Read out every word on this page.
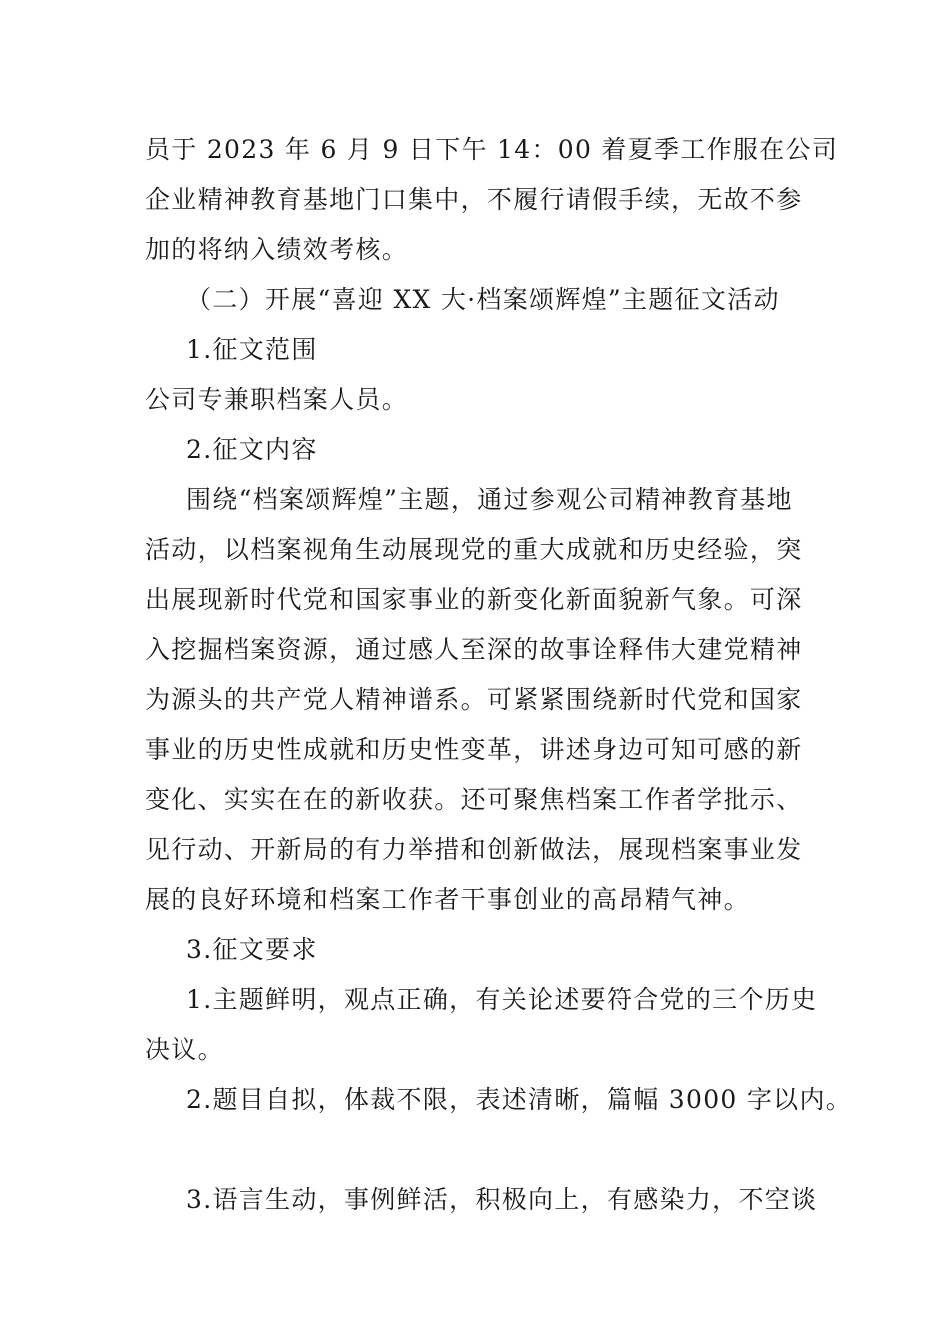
员于 2023 年 6 月 9 日下午 14：00 着夏季工作服在公司
企业精神教育基地门口集中，不履行请假手续，无故不参
加的将纳入绩效考核。
（二）开展“喜迎 XX 大·档案颂辉煌”主题征文活动
1.征文范围
公司专兼职档案人员。
2.征文内容
围绕“档案颂辉煌”主题，通过参观公司精神教育基地
活动，以档案视角生动展现党的重大成就和历史经验，突
出展现新时代党和国家事业的新变化新面貌新气象。可深
入挖掘档案资源，通过感人至深的故事诠释伟大建党精神
为源头的共产党人精神谱系。可紧紧围绕新时代党和国家
事业的历史性成就和历史性变革，讲述身边可知可感的新
变化、实实在在的新收获。还可聚焦档案工作者学批示、
见行动、开新局的有力举措和创新做法，展现档案事业发
展的良好环境和档案工作者干事创业的高昂精气神。
3.征文要求
1.主题鲜明，观点正确，有关论述要符合党的三个历史
决议。
2.题目自拟，体裁不限，表述清晰，篇幅 3000 字以内。
3.语言生动，事例鲜活，积极向上，有感染力，不空谈
